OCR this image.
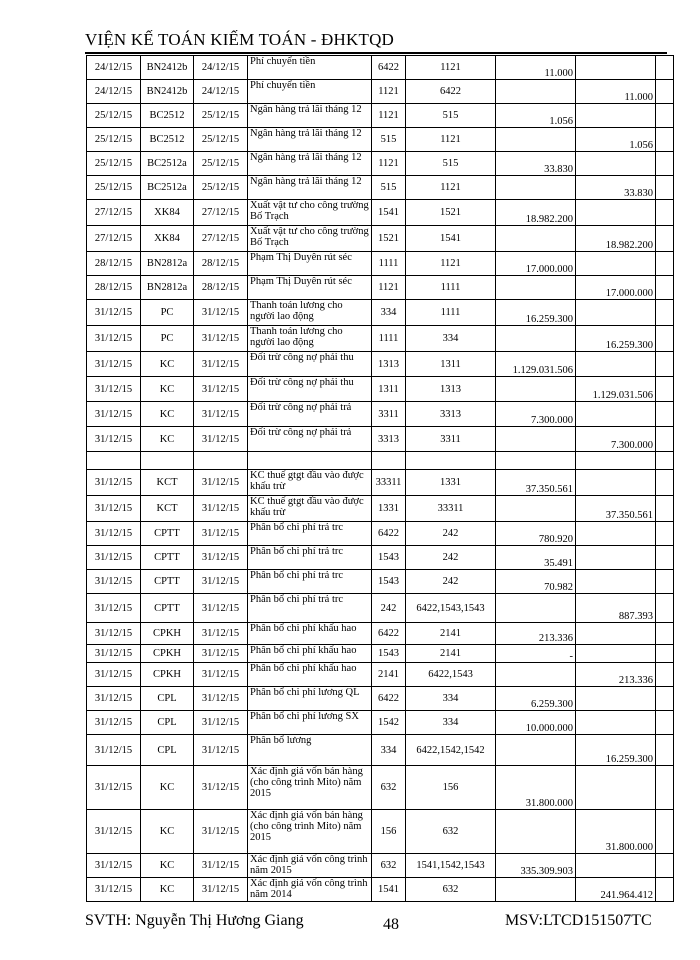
VIỆN KẾ TOÁN KIẾM TOÁN - ĐHKTQD
24/12/15	BN2412b	24/12/15	Phí chuyển tiền	6422	1121	11.000		
24/12/15	BN2412b	24/12/15	Phí chuyển tiền	1121	6422		11.000	
25/12/15	BC2512	25/12/15	Ngân hàng trả lãi tháng 12	1121	515	1.056		
25/12/15	BC2512	25/12/15	Ngân hàng trả lãi tháng 12	515	1121		1.056	
25/12/15	BC2512a	25/12/15	Ngân hàng trả lãi tháng 12	1121	515	33.830		
25/12/15	BC2512a	25/12/15	Ngân hàng trả lãi tháng 12	515	1121		33.830	
27/12/15	XK84	27/12/15	Xuất vật tư cho công trường Bố Trạch	1541	1521	18.982.200		
27/12/15	XK84	27/12/15	Xuất vật tư cho công trường Bố Trạch	1521	1541		18.982.200	
28/12/15	BN2812a	28/12/15	Phạm Thị Duyên rút séc	1111	1121	17.000.000		
28/12/15	BN2812a	28/12/15	Phạm Thị Duyên rút séc	1121	1111		17.000.000	
31/12/15	PC	31/12/15	Thanh toán lương cho người lao động	334	1111	16.259.300		
31/12/15	PC	31/12/15	Thanh toán lương cho người lao động	1111	334		16.259.300	
31/12/15	KC	31/12/15	Đối trừ công nợ phải thu	1313	1311	1.129.031.506		
31/12/15	KC	31/12/15	Đối trừ công nợ phải thu	1311	1313		1.129.031.506	
31/12/15	KC	31/12/15	Đối trừ công nợ phải trả	3311	3313	7.300.000		
31/12/15	KC	31/12/15	Đối trừ công nợ phải trả	3313	3311		7.300.000	

31/12/15	KCT	31/12/15	KC thuế gtgt đầu vào được khấu trừ	33311	1331	37.350.561		
31/12/15	KCT	31/12/15	KC thuế gtgt đầu vào được khấu trừ	1331	33311		37.350.561	
31/12/15	CPTT	31/12/15	Phân bổ chi phí trả trc	6422	242	780.920		
31/12/15	CPTT	31/12/15	Phân bổ chi phí trả trc	1543	242	35.491		
31/12/15	CPTT	31/12/15	Phân bổ chi phí trả trc	1543	242	70.982		
31/12/15	CPTT	31/12/15	Phân bổ chi phí trả trc	242	6422,1543,1543		887.393	
31/12/15	CPKH	31/12/15	Phân bổ chi phí khấu hao	6422	2141	213.336		
31/12/15	CPKH	31/12/15	Phân bổ chi phí khấu hao	1543	2141	-		
31/12/15	CPKH	31/12/15	Phân bổ chi phí khấu hao	2141	6422,1543		213.336	
31/12/15	CPL	31/12/15	Phân bổ chi phí lương QL	6422	334	6.259.300		
31/12/15	CPL	31/12/15	Phân bổ chi phí lương SX	1542	334	10.000.000		
31/12/15	CPL	31/12/15	Phân bổ lương	334	6422,1542,1542		16.259.300	
31/12/15	KC	31/12/15	Xác định giá vốn bán hàng (cho công trình Mito) năm 2015	632	156	31.800.000		
31/12/15	KC	31/12/15	Xác định giá vốn bán hàng (cho công trình Mito) năm 2015	156	632		31.800.000	
31/12/15	KC	31/12/15	Xác định giá vốn công trình năm 2015	632	1541,1542,1543	335.309.903		
31/12/15	KC	31/12/15	Xác định giá vốn công trình năm 2014	1541	632		241.964.412	
SVTH: Nguyễn Thị Hương Giang	48	MSV:LTCD151507TC
